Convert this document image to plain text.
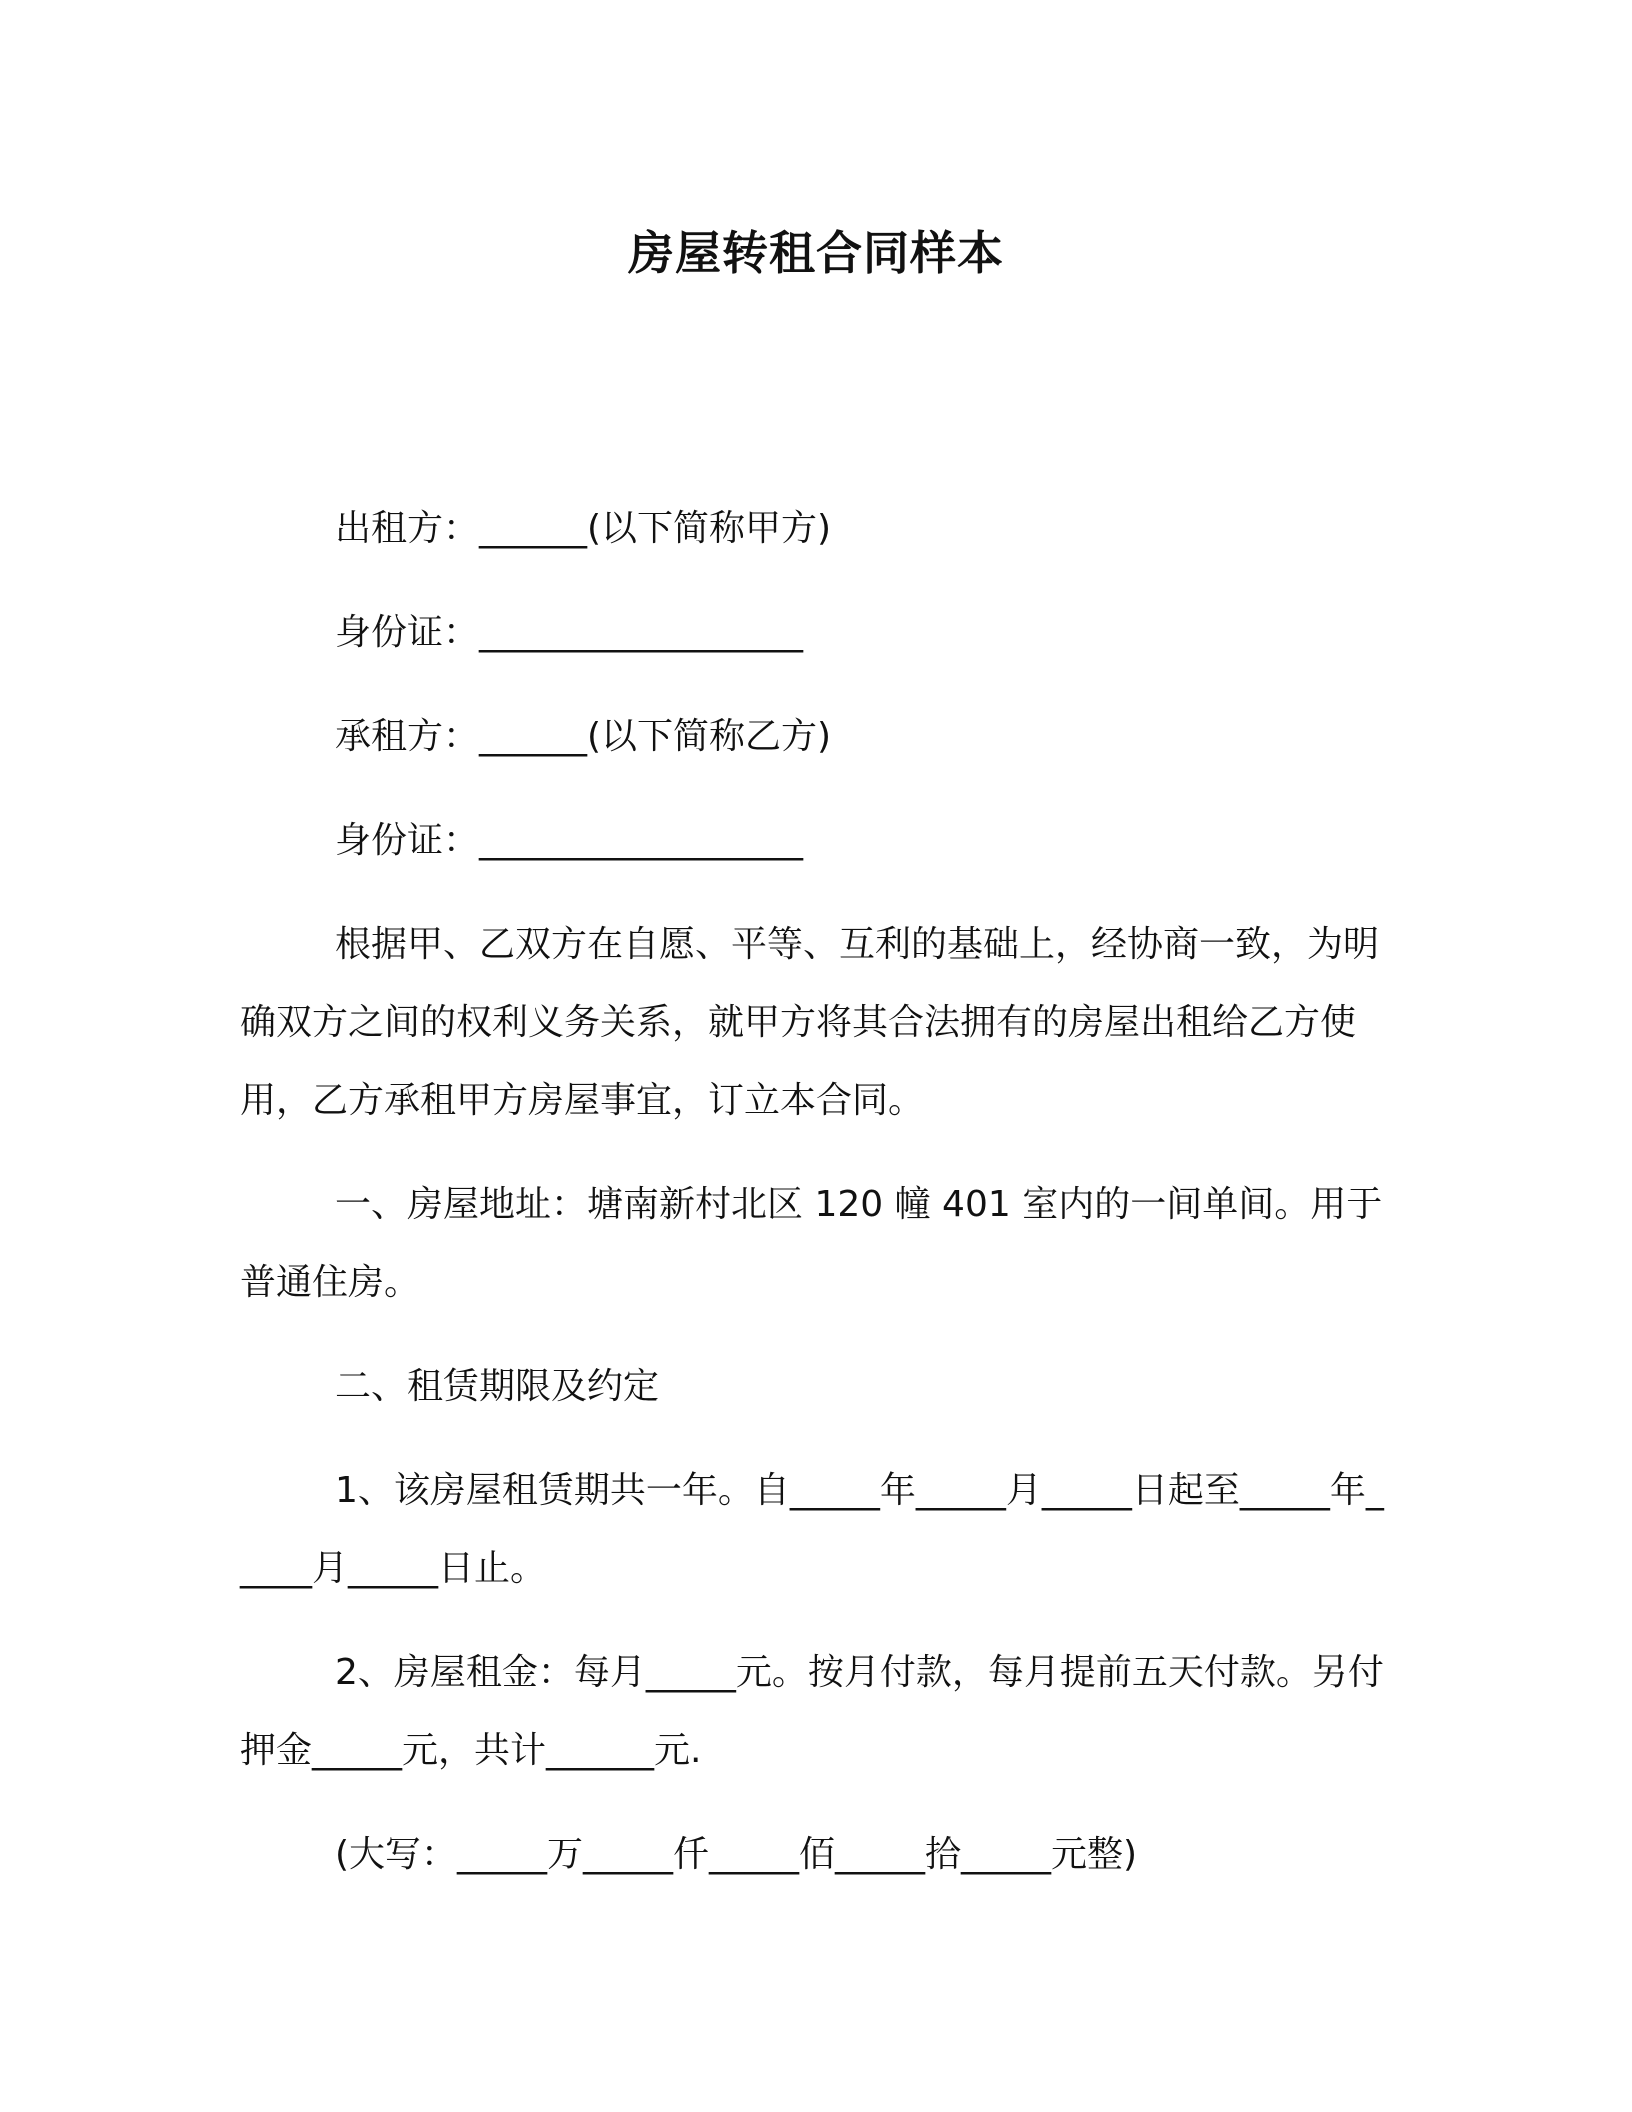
房屋转租合同样本

出租方：______(以下简称甲方)

身份证：__________________

承租方：______(以下简称乙方)

身份证：__________________

根据甲、乙双方在自愿、平等、互利的基础上，经协商一致，为明确双方之间的权利义务关系，就甲方将其合法拥有的房屋出租给乙方使用，乙方承租甲方房屋事宜，订立本合同。

一、房屋地址：塘南新村北区 120 幢 401 室内的一间单间。用于普通住房。

二、租赁期限及约定

1、该房屋租赁期共一年。自_____年_____月_____日起至_____年_____月_____日止。

2、房屋租金：每月_____元。按月付款，每月提前五天付款。另付押金_____元，共计______元.

(大写：_____万_____仟_____佰_____拾_____元整)
